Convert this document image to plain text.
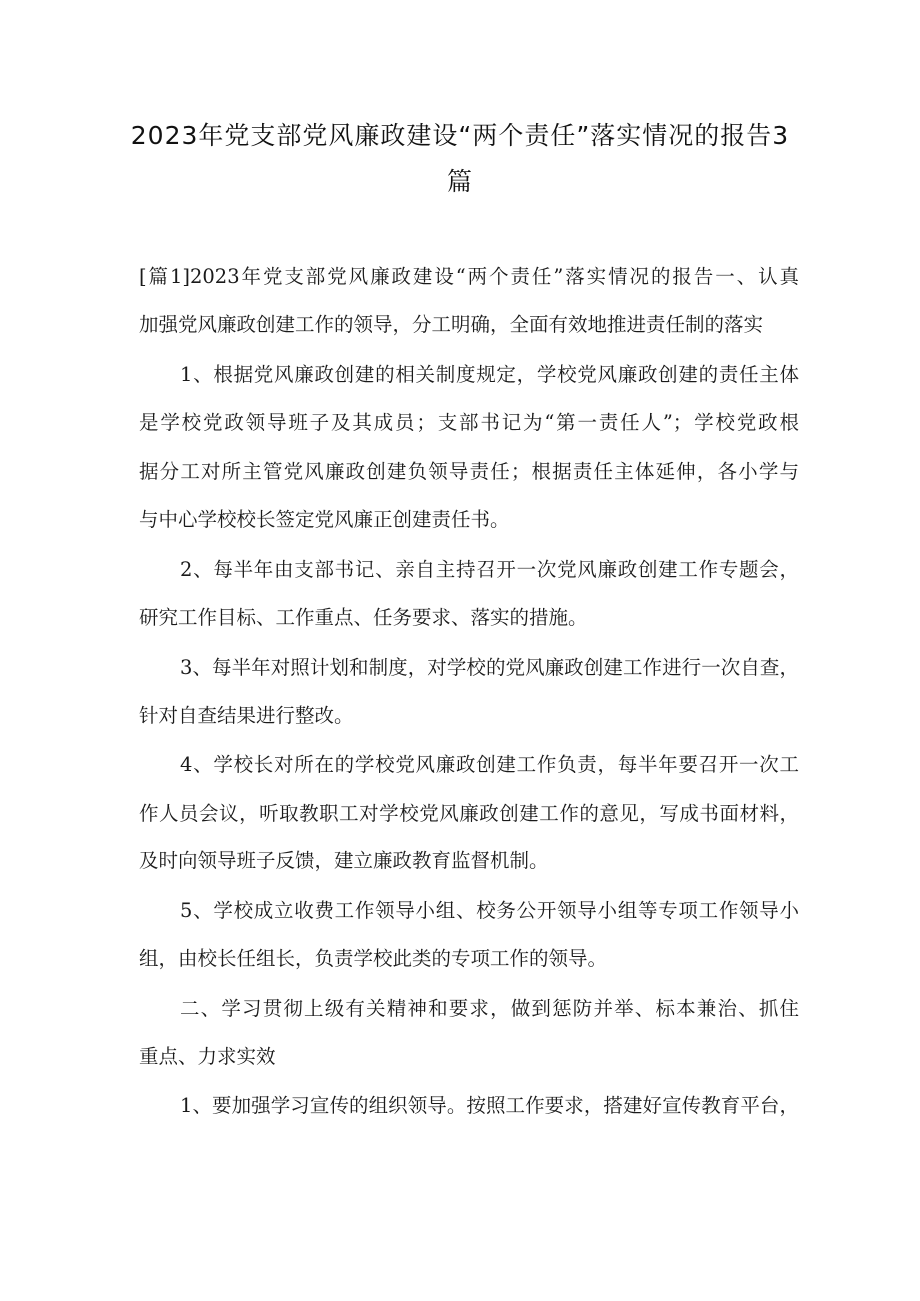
2023年党支部党风廉政建设“两个责任”落实情况的报告3
篇
[篇1]2023年党支部党风廉政建设“两个责任”落实情况的报告一、认真
加强党风廉政创建工作的领导，分工明确，全面有效地推进责任制的落实
1、根据党风廉政创建的相关制度规定，学校党风廉政创建的责任主体
是学校党政领导班子及其成员；支部书记为“第一责任人”；学校党政根
据分工对所主管党风廉政创建负领导责任；根据责任主体延伸，各小学与
与中心学校校长签定党风廉正创建责任书。
2、每半年由支部书记、亲自主持召开一次党风廉政创建工作专题会，
研究工作目标、工作重点、任务要求、落实的措施。
3、每半年对照计划和制度，对学校的党风廉政创建工作进行一次自查，
针对自查结果进行整改。
4、学校长对所在的学校党风廉政创建工作负责，每半年要召开一次工
作人员会议，听取教职工对学校党风廉政创建工作的意见，写成书面材料，
及时向领导班子反馈，建立廉政教育监督机制。
5、学校成立收费工作领导小组、校务公开领导小组等专项工作领导小
组，由校长任组长，负责学校此类的专项工作的领导。
二、学习贯彻上级有关精神和要求，做到惩防并举、标本兼治、抓住
重点、力求实效
1、要加强学习宣传的组织领导。按照工作要求，搭建好宣传教育平台，
